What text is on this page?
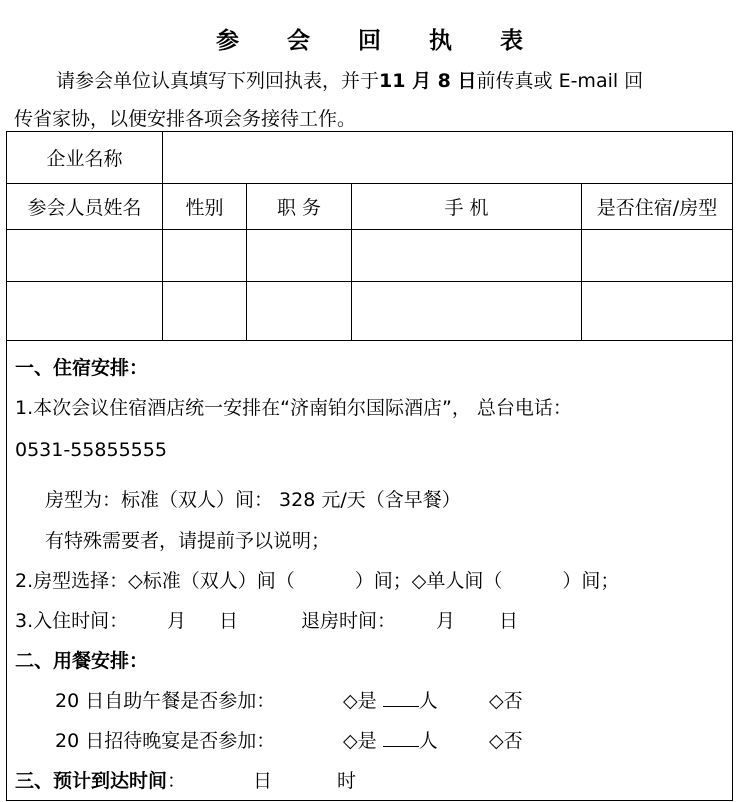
参 会 回 执 表
请参会单位认真填写下列回执表，并于11 月 8 日前传真或 E-mail 回
传省家协，以便安排各项会务接待工作。
企业名称
参会人员姓名	性别	职 务	手 机	是否住宿/房型
一、住宿安排：
1.本次会议住宿酒店统一安排在“济南铂尔国际酒店”， 总台电话：
0531-55855555
房型为：标准（双人）间： 328 元/天（含早餐）
有特殊需要者，请提前予以说明；
2.房型选择：◇标准（双人）间（	）间；◇单人间（	）间；
3.入住时间： 月 日	退房时间： 月 日
二、用餐安排：
20 日自助午餐是否参加：	◇是 人	◇否
20 日招待晚宴是否参加：	◇是 人	◇否
三、预计到达时间：	日	时
